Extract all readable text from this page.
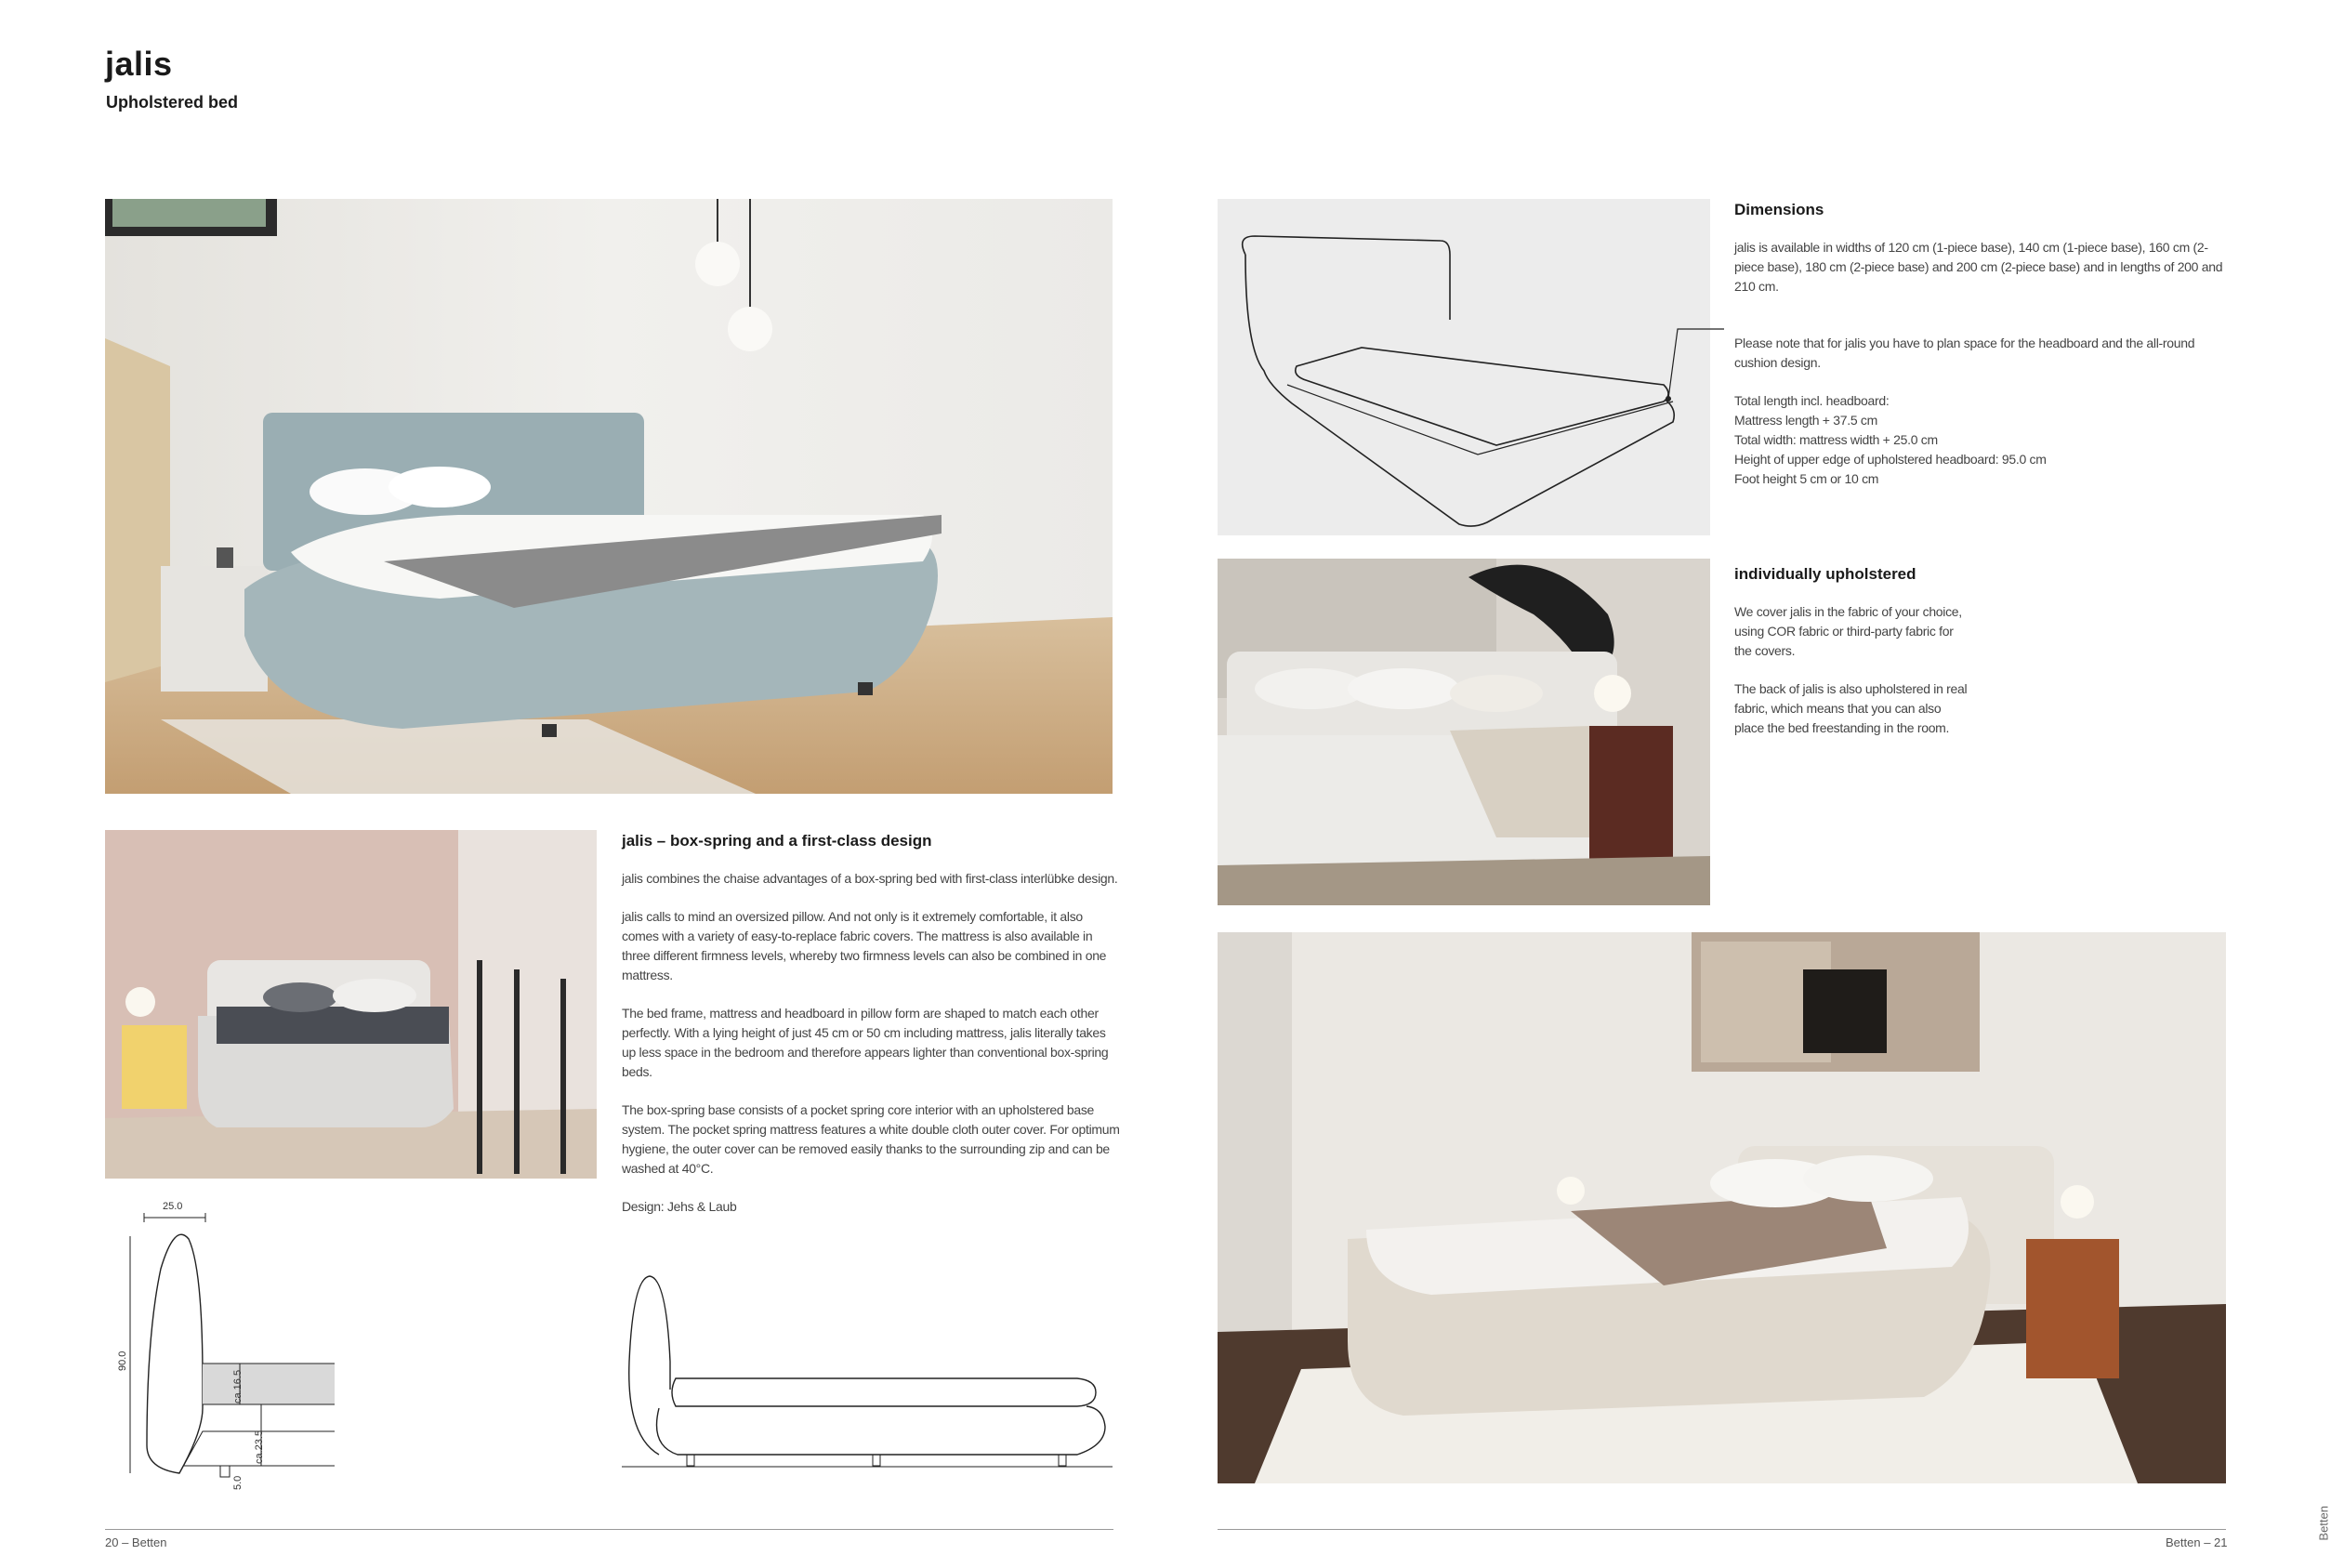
jalis
Upholstered bed
jalis – box-spring and a first-class design

jalis combines the chaise advantages of a box-spring bed with first-class interlübke design.

jalis calls to mind an oversized pillow. And not only is it extremely comfortable, it also comes with a variety of easy-to-replace fabric covers. The mattress is also available in three different firmness levels, whereby two firmness levels can also be combined in one mattress.

The bed frame, mattress and headboard in pillow form are shaped to match each other perfectly. With a lying height of just 45 cm or 50 cm including mattress, jalis literally takes up less space in the bedroom and therefore appears lighter than conventional box-spring beds.

The box-spring base consists of a pocket spring core interior with an upholstered base system. The pocket spring mattress features a white double cloth outer cover. For optimum hygiene, the outer cover can be removed easily thanks to the surrounding zip and can be washed at 40°C.

Design: Jehs & Laub

25.0
90.0
ca.16.5
ca.23.5
5.0
Dimensions

jalis is available in widths of 120 cm (1-piece base), 140 cm (1-piece base), 160 cm (2-piece base), 180 cm (2-piece base) and 200 cm (2-piece base) and in lengths of 200 and 210 cm.

Please note that for jalis you have to plan space for the headboard and the all-round cushion design.

Total length incl. headboard:
Mattress length + 37.5 cm
Total width: mattress width + 25.0 cm
Height of upper edge of upholstered headboard: 95.0 cm
Foot height 5 cm or 10 cm
individually upholstered

We cover jalis in the fabric of your choice, using COR fabric or third-party fabric for the covers.

The back of jalis is also upholstered in real fabric, which means that you can also place the bed freestanding in the room.

20 – Betten	Betten – 21
Betten
